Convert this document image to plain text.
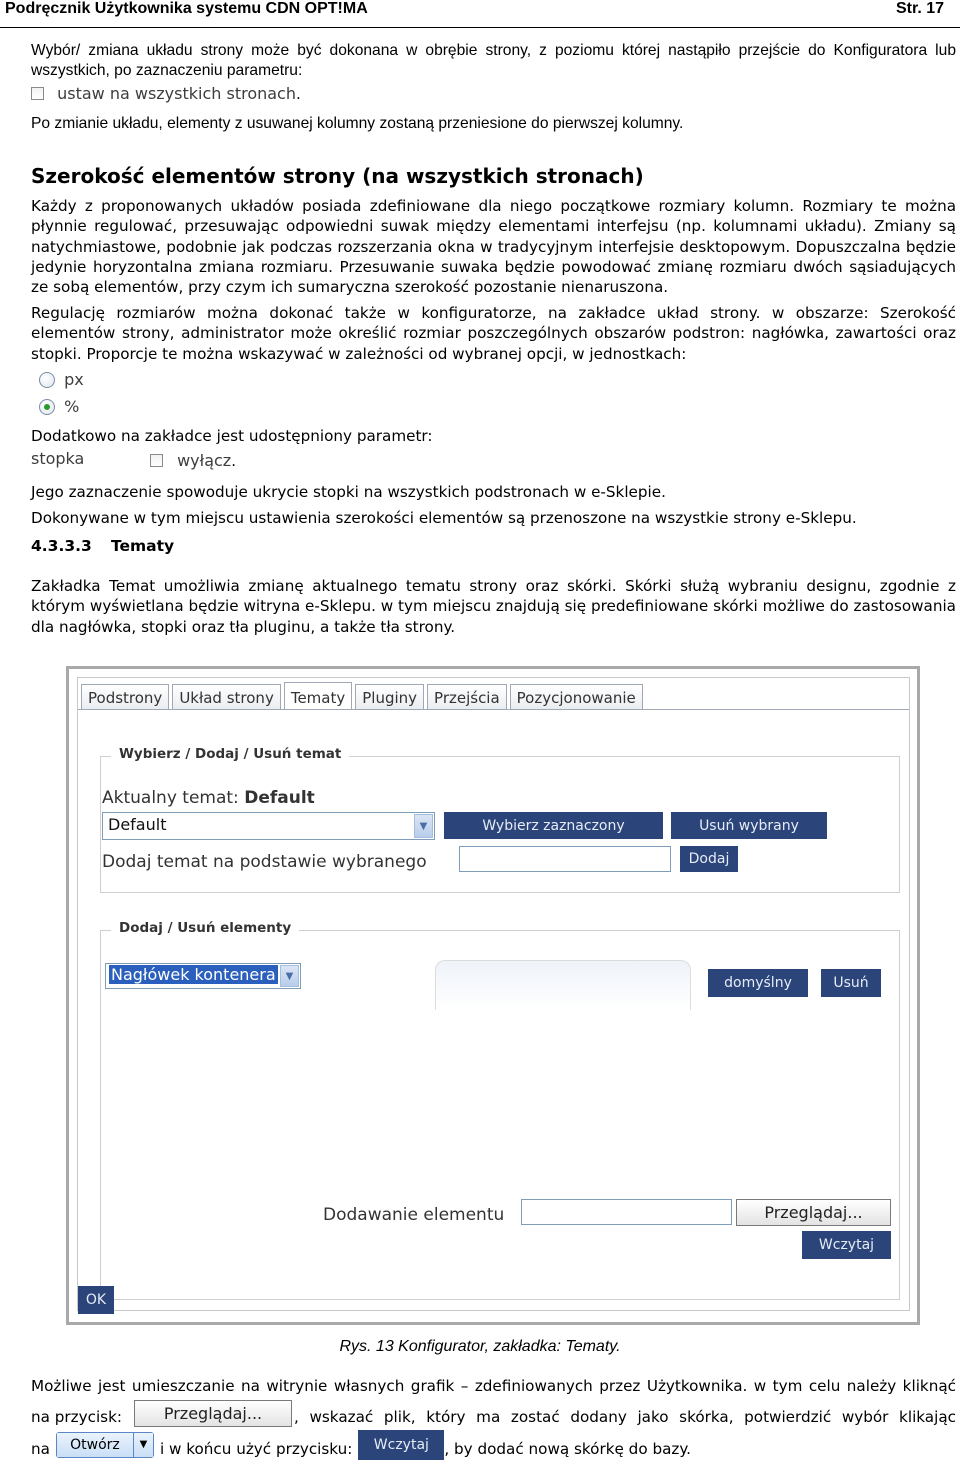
Podręcznik Użytkownika systemu CDN OPT!MA	Str. 17
Wybór/ zmiana układu strony może być dokonana w obrębie strony, z poziomu której nastąpiło przejście do Konfiguratora lub wszystkich, po zaznaczeniu parametru:
ustaw na wszystkich stronach.
Po zmianie układu, elementy z usuwanej kolumny zostaną przeniesione do pierwszej kolumny.
Szerokość elementów strony (na wszystkich stronach)
Każdy z proponowanych układów posiada zdefiniowane dla niego początkowe rozmiary kolumn. Rozmiary te można płynnie regulować, przesuwając odpowiedni suwak między elementami interfejsu (np. kolumnami układu). Zmiany są natychmiastowe, podobnie jak podczas rozszerzania okna w tradycyjnym interfejsie desktopowym. Dopuszczalna będzie jedynie horyzontalna zmiana rozmiaru. Przesuwanie suwaka będzie powodować zmianę rozmiaru dwóch sąsiadujących ze sobą elementów, przy czym ich sumaryczna szerokość pozostanie nienaruszona.
Regulację rozmiarów można dokonać także w konfiguratorze, na zakładce układ strony. w obszarze: Szerokość elementów strony, administrator może określić rozmiar poszczególnych obszarów podstron: nagłówka, zawartości oraz stopki. Proporcje te można wskazywać w zależności od wybranej opcji, w jednostkach:
px
%
Dodatkowo na zakładce jest udostępniony parametr:
stopka	wyłącz.
Jego zaznaczenie spowoduje ukrycie stopki na wszystkich podstronach w e-Sklepie.
Dokonywane w tym miejscu ustawienia szerokości elementów są przenoszone na wszystkie strony e-Sklepu.
4.3.3.3 Tematy
Zakładka Temat umożliwia zmianę aktualnego tematu strony oraz skórki. Skórki służą wybraniu designu, zgodnie z którym wyświetlana będzie witryna e-Sklepu. w tym miejscu znajdują się predefiniowane skórki możliwe do zastosowania dla nagłówka, stopki oraz tła pluginu, a także tła strony.
Podstrony	Układ strony	Tematy	Pluginy	Przejścia	Pozycjonowanie
Wybierz / Dodaj / Usuń temat
Aktualny temat: Default
Default	▼	Wybierz zaznaczony	Usuń wybrany
Dodaj temat na podstawie wybranego	Dodaj
Dodaj / Usuń elementy
Nagłówek kontenera ▼	domyślny	Usuń
Dodawanie elementu	Przeglądaj...
Wczytaj
OK
Rys. 13 Konfigurator, zakładka: Tematy.
Możliwe jest umieszczanie na witrynie własnych grafik – zdefiniowanych przez Użytkownika. w tym celu należy kliknąć
na przycisk:	Przeglądaj...	, wskazać plik, który ma zostać dodany jako skórka, potwierdzić wybór klikając
na	Otwórz	▼ i w końcu użyć przycisku:	Wczytaj	, by dodać nową skórkę do bazy.
